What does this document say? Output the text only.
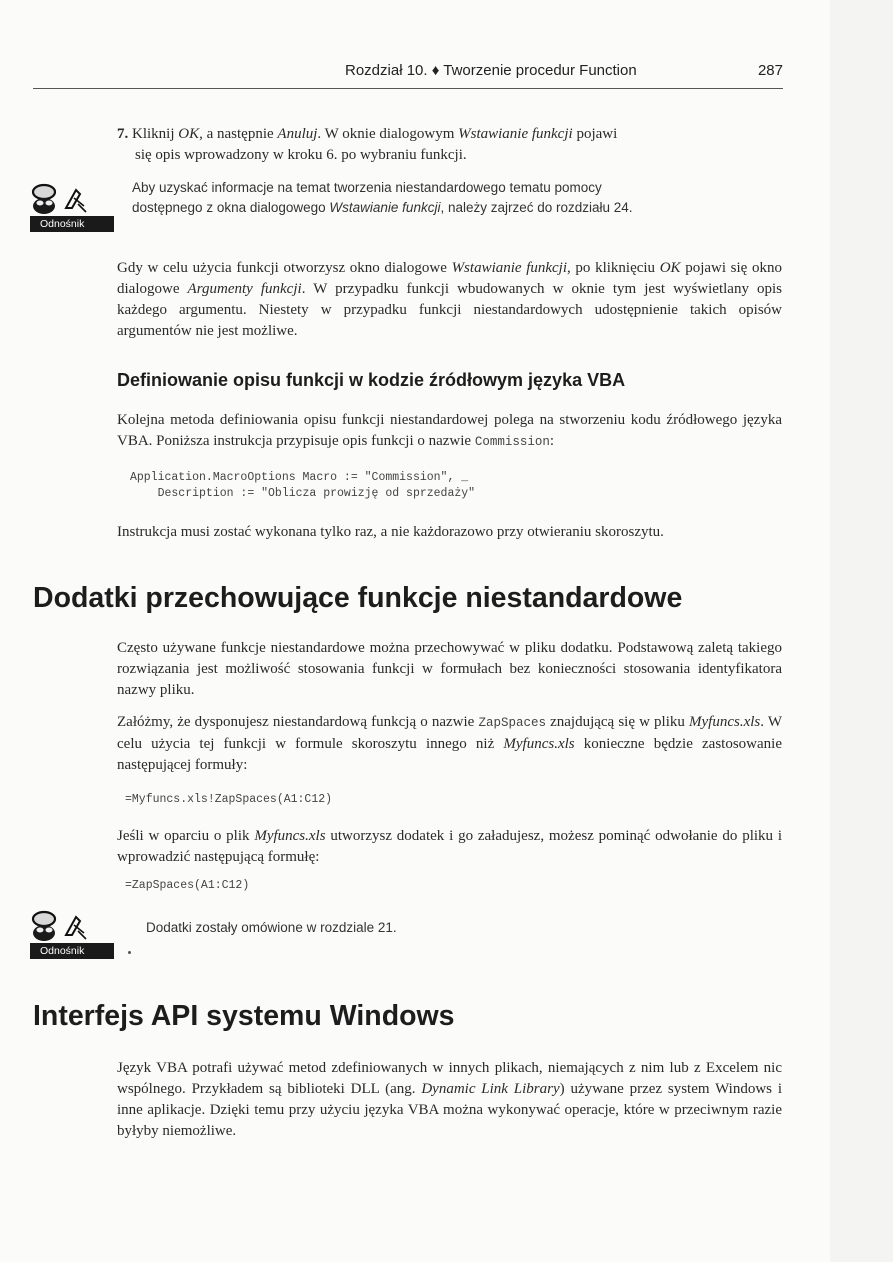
Rozdział 10. ♦ Tworzenie procedur Function	287
7. Kliknij OK, a następnie Anuluj. W oknie dialogowym Wstawianie funkcji pojawi
się opis wprowadzony w kroku 6. po wybraniu funkcji.
Odnośnik
Aby uzyskać informacje na temat tworzenia niestandardowego tematu pomocy
dostępnego z okna dialogowego Wstawianie funkcji, należy zajrzeć do rozdziału 24.

Gdy w celu użycia funkcji otworzysz okno dialogowe Wstawianie funkcji, po kliknięciu OK pojawi się okno dialogowe Argumenty funkcji. W przypadku funkcji wbudowanych w oknie tym jest wyświetlany opis każdego argumentu. Niestety w przypadku funkcji niestandardowych udostępnienie takich opisów argumentów nie jest możliwe.

Definiowanie opisu funkcji w kodzie źródłowym języka VBA

Kolejna metoda definiowania opisu funkcji niestandardowej polega na stworzeniu kodu źródłowego języka VBA. Poniższa instrukcja przypisuje opis funkcji o nazwie Commission:

Application.MacroOptions Macro := "Commission", _
Description := "Oblicza prowizję od sprzedaży"

Instrukcja musi zostać wykonana tylko raz, a nie każdorazowo przy otwieraniu skoroszytu.

Dodatki przechowujące funkcje niestandardowe

Często używane funkcje niestandardowe można przechowywać w pliku dodatku. Podstawową zaletą takiego rozwiązania jest możliwość stosowania funkcji w formułach bez konieczności stosowania identyfikatora nazwy pliku.

Załóżmy, że dysponujesz niestandardową funkcją o nazwie ZapSpaces znajdującą się w pliku Myfuncs.xls. W celu użycia tej funkcji w formule skoroszytu innego niż Myfuncs.xls konieczne będzie zastosowanie następującej formuły:

=Myfuncs.xls!ZapSpaces(A1:C12)

Jeśli w oparciu o plik Myfuncs.xls utworzysz dodatek i go załadujesz, możesz pominąć odwołanie do pliku i wprowadzić następującą formułę:

=ZapSpaces(A1:C12)
Odnośnik
Dodatki zostały omówione w rozdziale 21.
Interfejs API systemu Windows

Język VBA potrafi używać metod zdefiniowanych w innych plikach, niemających z nim lub z Excelem nic wspólnego. Przykładem są biblioteki DLL (ang. Dynamic Link Library) używane przez system Windows i inne aplikacje. Dzięki temu przy użyciu języka VBA można wykonywać operacje, które w przeciwnym razie byłyby niemożliwe.
